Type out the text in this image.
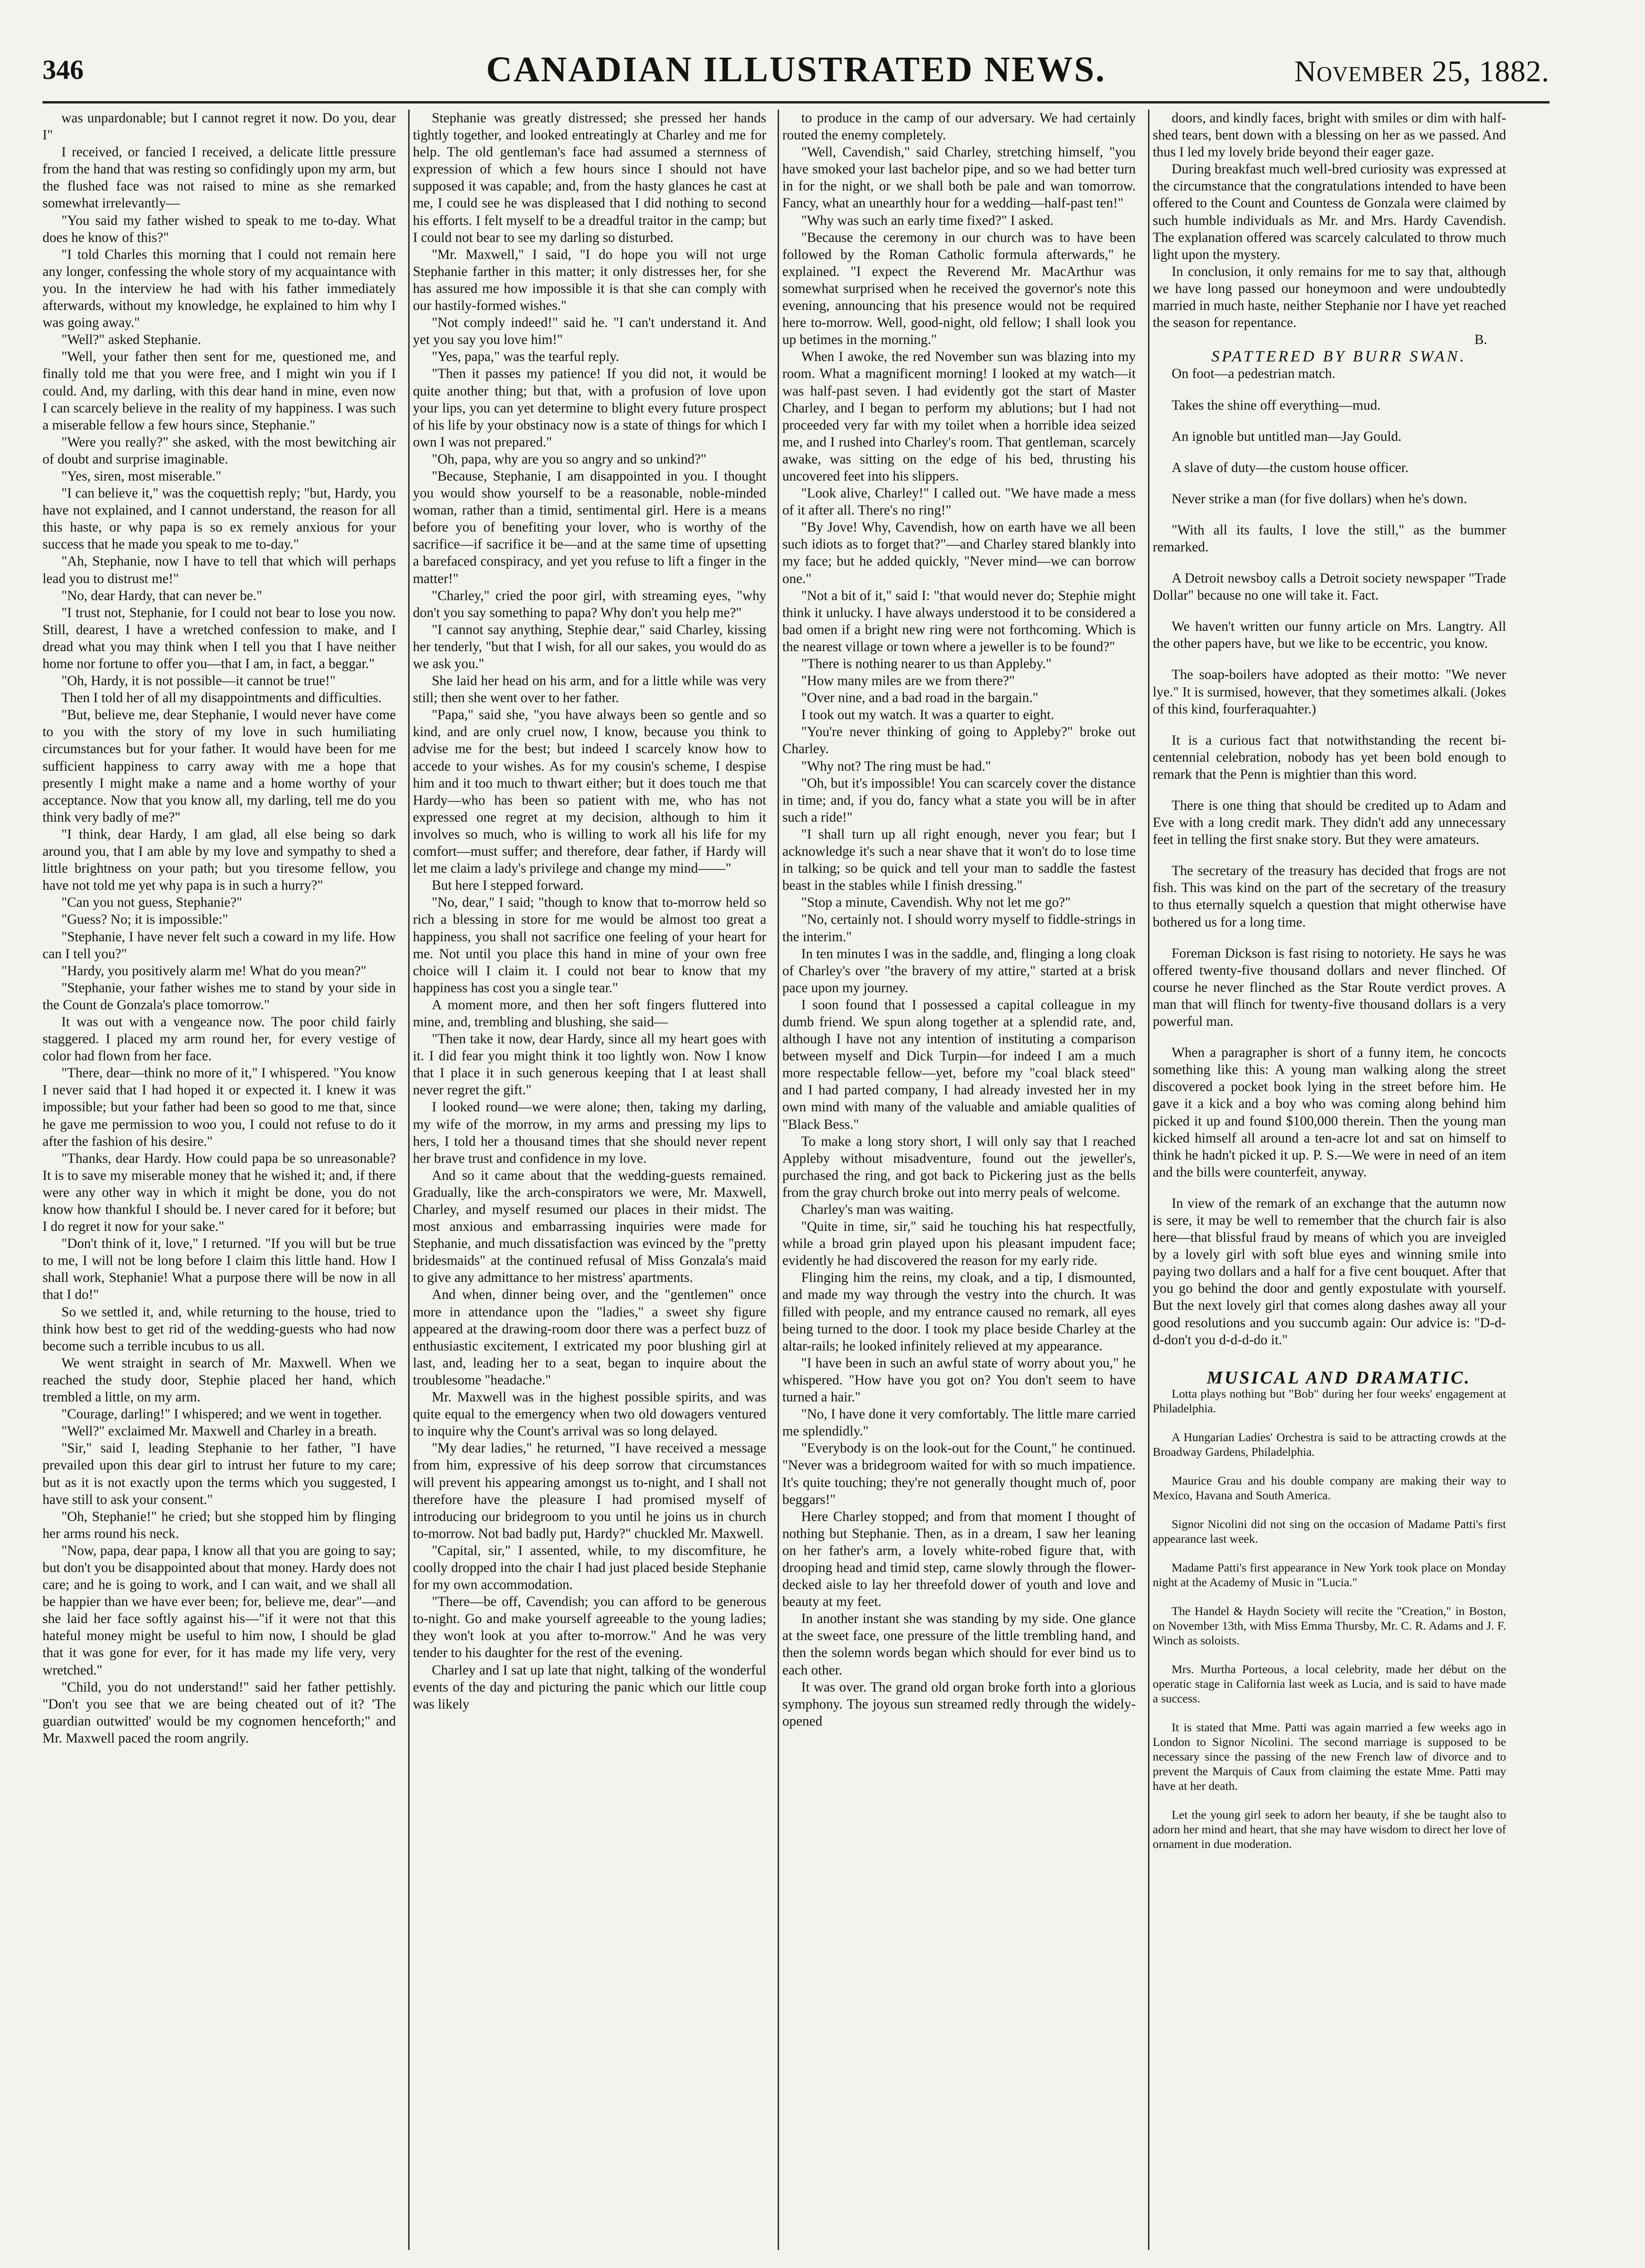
346	CANADIAN ILLUSTRATED NEWS.	November 25, 1882.

was unpardonable; but I cannot regret it now. Do you, dear I"

I received, or fancied I received, a delicate little pressure from the hand that was resting so confidingly upon my arm, but the flushed face was not raised to mine as she remarked somewhat irrelevantly—

"You said my father wished to speak to me to-day. What does he know of this?"

"I told Charles this morning that I could not remain here any longer, confessing the whole story of my acquaintance with you. In the interview he had with his father immediately afterwards, without my knowledge, he explained to him why I was going away."

"Well?" asked Stephanie.

"Well, your father then sent for me, questioned me, and finally told me that you were free, and I might win you if I could. And, my darling, with this dear hand in mine, even now I can scarcely believe in the reality of my happiness. I was such a miserable fellow a few hours since, Stephanie."

"Were you really?" she asked, with the most bewitching air of doubt and surprise imaginable.

"Yes, siren, most miserable."

"I can believe it," was the coquettish reply; "but, Hardy, you have not explained, and I cannot understand, the reason for all this haste, or why papa is so ex remely anxious for your success that he made you speak to me to-day."

"Ah, Stephanie, now I have to tell that which will perhaps lead you to distrust me!"

"No, dear Hardy, that can never be."

"I trust not, Stephanie, for I could not bear to lose you now. Still, dearest, I have a wretched confession to make, and I dread what you may think when I tell you that I have neither home nor fortune to offer you—that I am, in fact, a beggar."

"Oh, Hardy, it is not possible—it cannot be true!"

Then I told her of all my disappointments and difficulties.

"But, believe me, dear Stephanie, I would never have come to you with the story of my love in such humiliating circumstances but for your father. It would have been for me sufficient happiness to carry away with me a hope that presently I might make a name and a home worthy of your acceptance. Now that you know all, my darling, tell me do you think very badly of me?"

"I think, dear Hardy, I am glad, all else being so dark around you, that I am able by my love and sympathy to shed a little brightness on your path; but you tiresome fellow, you have not told me yet why papa is in such a hurry?"

"Can you not guess, Stephanie?"

"Guess? No; it is impossible:"

"Stephanie, I have never felt such a coward in my life. How can I tell you?"

"Hardy, you positively alarm me! What do you mean?"

"Stephanie, your father wishes me to stand by your side in the Count de Gonzala's place tomorrow."

It was out with a vengeance now. The poor child fairly staggered. I placed my arm round her, for every vestige of color had flown from her face.

"There, dear—think no more of it," I whispered. "You know I never said that I had hoped it or expected it. I knew it was impossible; but your father had been so good to me that, since he gave me permission to woo you, I could not refuse to do it after the fashion of his desire."

"Thanks, dear Hardy. How could papa be so unreasonable? It is to save my miserable money that he wished it; and, if there were any other way in which it might be done, you do not know how thankful I should be. I never cared for it before; but I do regret it now for your sake."

"Don't think of it, love," I returned. "If you will but be true to me, I will not be long before I claim this little hand. How I shall work, Stephanie! What a purpose there will be now in all that I do!"

So we settled it, and, while returning to the house, tried to think how best to get rid of the wedding-guests who had now become such a terrible incubus to us all.

We went straight in search of Mr. Maxwell. When we reached the study door, Stephie placed her hand, which trembled a little, on my arm.

"Courage, darling!" I whispered; and we went in together.

"Well?" exclaimed Mr. Maxwell and Charley in a breath.

"Sir," said I, leading Stephanie to her father, "I have prevailed upon this dear girl to intrust her future to my care; but as it is not exactly upon the terms which you suggested, I have still to ask your consent."

"Oh, Stephanie!" he cried; but she stopped him by flinging her arms round his neck.

"Now, papa, dear papa, I know all that you are going to say; but don't you be disappointed about that money. Hardy does not care; and he is going to work, and I can wait, and we shall all be happier than we have ever been; for, believe me, dear"—and she laid her face softly against his—"if it were not that this hateful money might be useful to him now, I should be glad that it was gone for ever, for it has made my life very, very wretched."

"Child, you do not understand!" said her father pettishly. "Don't you see that we are being cheated out of it? 'The guardian outwitted' would be my cognomen henceforth;" and Mr. Maxwell paced the room angrily.

Stephanie was greatly distressed; she pressed her hands tightly together, and looked entreatingly at Charley and me for help. The old gentleman's face had assumed a sternness of expression of which a few hours since I should not have supposed it was capable; and, from the hasty glances he cast at me, I could see he was displeased that I did nothing to second his efforts. I felt myself to be a dreadful traitor in the camp; but I could not bear to see my darling so disturbed.

"Mr. Maxwell," I said, "I do hope you will not urge Stephanie farther in this matter; it only distresses her, for she has assured me how impossible it is that she can comply with our hastily-formed wishes."

"Not comply indeed!" said he. "I can't understand it. And yet you say you love him!"

"Yes, papa," was the tearful reply.

"Then it passes my patience! If you did not, it would be quite another thing; but that, with a profusion of love upon your lips, you can yet determine to blight every future prospect of his life by your obstinacy now is a state of things for which I own I was not prepared."

"Oh, papa, why are you so angry and so unkind?"

"Because, Stephanie, I am disappointed in you. I thought you would show yourself to be a reasonable, noble-minded woman, rather than a timid, sentimental girl. Here is a means before you of benefiting your lover, who is worthy of the sacrifice—if sacrifice it be—and at the same time of upsetting a barefaced conspiracy, and yet you refuse to lift a finger in the matter!"

"Charley," cried the poor girl, with streaming eyes, "why don't you say something to papa? Why don't you help me?"

"I cannot say anything, Stephie dear," said Charley, kissing her tenderly, "but that I wish, for all our sakes, you would do as we ask you."

She laid her head on his arm, and for a little while was very still; then she went over to her father.

"Papa," said she, "you have always been so gentle and so kind, and are only cruel now, I know, because you think to advise me for the best; but indeed I scarcely know how to accede to your wishes. As for my cousin's scheme, I despise him and it too much to thwart either; but it does touch me that Hardy—who has been so patient with me, who has not expressed one regret at my decision, although to him it involves so much, who is willing to work all his life for my comfort—must suffer; and therefore, dear father, if Hardy will let me claim a lady's privilege and change my mind——"

But here I stepped forward.

"No, dear," I said; "though to know that to-morrow held so rich a blessing in store for me would be almost too great a happiness, you shall not sacrifice one feeling of your heart for me. Not until you place this hand in mine of your own free choice will I claim it. I could not bear to know that my happiness has cost you a single tear."

A moment more, and then her soft fingers fluttered into mine, and, trembling and blushing, she said—

"Then take it now, dear Hardy, since all my heart goes with it. I did fear you might think it too lightly won. Now I know that I place it in such generous keeping that I at least shall never regret the gift."

I looked round—we were alone; then, taking my darling, my wife of the morrow, in my arms and pressing my lips to hers, I told her a thousand times that she should never repent her brave trust and confidence in my love.

And so it came about that the wedding-guests remained. Gradually, like the arch-conspirators we were, Mr. Maxwell, Charley, and myself resumed our places in their midst. The most anxious and embarrassing inquiries were made for Stephanie, and much dissatisfaction was evinced by the "pretty bridesmaids" at the continued refusal of Miss Gonzala's maid to give any admittance to her mistress' apartments.

And when, dinner being over, and the "gentlemen" once more in attendance upon the "ladies," a sweet shy figure appeared at the drawing-room door there was a perfect buzz of enthusiastic excitement, I extricated my poor blushing girl at last, and, leading her to a seat, began to inquire about the troublesome "headache."

Mr. Maxwell was in the highest possible spirits, and was quite equal to the emergency when two old dowagers ventured to inquire why the Count's arrival was so long delayed.

"My dear ladies," he returned, "I have received a message from him, expressive of his deep sorrow that circumstances will prevent his appearing amongst us to-night, and I shall not therefore have the pleasure I had promised myself of introducing our bridegroom to you until he joins us in church to-morrow. Not bad badly put, Hardy?" chuckled Mr. Maxwell.

"Capital, sir," I assented, while, to my discomfiture, he coolly dropped into the chair I had just placed beside Stephanie for my own accommodation.

"There—be off, Cavendish; you can afford to be generous to-night. Go and make yourself agreeable to the young ladies; they won't look at you after to-morrow." And he was very tender to his daughter for the rest of the evening.

Charley and I sat up late that night, talking of the wonderful events of the day and picturing the panic which our little coup was likely

to produce in the camp of our adversary. We had certainly routed the enemy completely.

"Well, Cavendish," said Charley, stretching himself, "you have smoked your last bachelor pipe, and so we had better turn in for the night, or we shall both be pale and wan tomorrow. Fancy, what an unearthly hour for a wedding—half-past ten!"

"Why was such an early time fixed?" I asked.

"Because the ceremony in our church was to have been followed by the Roman Catholic formula afterwards," he explained. "I expect the Reverend Mr. MacArthur was somewhat surprised when he received the governor's note this evening, announcing that his presence would not be required here to-morrow. Well, good-night, old fellow; I shall look you up betimes in the morning."

When I awoke, the red November sun was blazing into my room. What a magnificent morning! I looked at my watch—it was half-past seven. I had evidently got the start of Master Charley, and I began to perform my ablutions; but I had not proceeded very far with my toilet when a horrible idea seized me, and I rushed into Charley's room. That gentleman, scarcely awake, was sitting on the edge of his bed, thrusting his uncovered feet into his slippers.

"Look alive, Charley!" I called out. "We have made a mess of it after all. There's no ring!"

"By Jove! Why, Cavendish, how on earth have we all been such idiots as to forget that?"—and Charley stared blankly into my face; but he added quickly, "Never mind—we can borrow one."

"Not a bit of it," said I: "that would never do; Stephie might think it unlucky. I have always understood it to be considered a bad omen if a bright new ring were not forthcoming. Which is the nearest village or town where a jeweller is to be found?"

"There is nothing nearer to us than Appleby."

"How many miles are we from there?"

"Over nine, and a bad road in the bargain."

I took out my watch. It was a quarter to eight.

"You're never thinking of going to Appleby?" broke out Charley.

"Why not? The ring must be had."

"Oh, but it's impossible! You can scarcely cover the distance in time; and, if you do, fancy what a state you will be in after such a ride!"

"I shall turn up all right enough, never you fear; but I acknowledge it's such a near shave that it won't do to lose time in talking; so be quick and tell your man to saddle the fastest beast in the stables while I finish dressing."

"Stop a minute, Cavendish. Why not let me go?"

"No, certainly not. I should worry myself to fiddle-strings in the interim."

In ten minutes I was in the saddle, and, flinging a long cloak of Charley's over "the bravery of my attire," started at a brisk pace upon my journey.

I soon found that I possessed a capital colleague in my dumb friend. We spun along together at a splendid rate, and, although I have not any intention of instituting a comparison between myself and Dick Turpin—for indeed I am a much more respectable fellow—yet, before my "coal black steed" and I had parted company, I had already invested her in my own mind with many of the valuable and amiable qualities of "Black Bess."

To make a long story short, I will only say that I reached Appleby without misadventure, found out the jeweller's, purchased the ring, and got back to Pickering just as the bells from the gray church broke out into merry peals of welcome.

Charley's man was waiting.

"Quite in time, sir," said he touching his hat respectfully, while a broad grin played upon his pleasant impudent face; evidently he had discovered the reason for my early ride.

Flinging him the reins, my cloak, and a tip, I dismounted, and made my way through the vestry into the church. It was filled with people, and my entrance caused no remark, all eyes being turned to the door. I took my place beside Charley at the altar-rails; he looked infinitely relieved at my appearance.

"I have been in such an awful state of worry about you," he whispered. "How have you got on? You don't seem to have turned a hair."

"No, I have done it very comfortably. The little mare carried me splendidly."

"Everybody is on the look-out for the Count," he continued. "Never was a bridegroom waited for with so much impatience. It's quite touching; they're not generally thought much of, poor beggars!"

Here Charley stopped; and from that moment I thought of nothing but Stephanie. Then, as in a dream, I saw her leaning on her father's arm, a lovely white-robed figure that, with drooping head and timid step, came slowly through the flower-decked aisle to lay her threefold dower of youth and love and beauty at my feet.

In another instant she was standing by my side. One glance at the sweet face, one pressure of the little trembling hand, and then the solemn words began which should for ever bind us to each other.

It was over. The grand old organ broke forth into a glorious symphony. The joyous sun streamed redly through the widely-opened

doors, and kindly faces, bright with smiles or dim with half-shed tears, bent down with a blessing on her as we passed. And thus I led my lovely bride beyond their eager gaze.

During breakfast much well-bred curiosity was expressed at the circumstance that the congratulations intended to have been offered to the Count and Countess de Gonzala were claimed by such humble individuals as Mr. and Mrs. Hardy Cavendish. The explanation offered was scarcely calculated to throw much light upon the mystery.

In conclusion, it only remains for me to say that, although we have long passed our honeymoon and were undoubtedly married in much haste, neither Stephanie nor I have yet reached the season for repentance.

B.

SPATTERED BY BURR SWAN.

On foot—a pedestrian match.

Takes the shine off everything—mud.

An ignoble but untitled man—Jay Gould.

A slave of duty—the custom house officer.

Never strike a man (for five dollars) when he's down.

"With all its faults, I love the still," as the bummer remarked.

A Detroit newsboy calls a Detroit society newspaper "Trade Dollar" because no one will take it. Fact.

We haven't written our funny article on Mrs. Langtry. All the other papers have, but we like to be eccentric, you know.

The soap-boilers have adopted as their motto: "We never lye." It is surmised, however, that they sometimes alkali. (Jokes of this kind, fourferaquahter.)

It is a curious fact that notwithstanding the recent bi-centennial celebration, nobody has yet been bold enough to remark that the Penn is mightier than this word.

There is one thing that should be credited up to Adam and Eve with a long credit mark. They didn't add any unnecessary feet in telling the first snake story. But they were amateurs.

The secretary of the treasury has decided that frogs are not fish. This was kind on the part of the secretary of the treasury to thus eternally squelch a question that might otherwise have bothered us for a long time.

Foreman Dickson is fast rising to notoriety. He says he was offered twenty-five thousand dollars and never flinched. Of course he never flinched as the Star Route verdict proves. A man that will flinch for twenty-five thousand dollars is a very powerful man.

When a paragrapher is short of a funny item, he concocts something like this: A young man walking along the street discovered a pocket book lying in the street before him. He gave it a kick and a boy who was coming along behind him picked it up and found $100,000 therein. Then the young man kicked himself all around a ten-acre lot and sat on himself to think he hadn't picked it up. P. S.—We were in need of an item and the bills were counterfeit, anyway.

In view of the remark of an exchange that the autumn now is sere, it may be well to remember that the church fair is also here—that blissful fraud by means of which you are inveigled by a lovely girl with soft blue eyes and winning smile into paying two dollars and a half for a five cent bouquet. After that you go behind the door and gently expostulate with yourself. But the next lovely girl that comes along dashes away all your good resolutions and you succumb again: Our advice is: "D-d-d-don't you d-d-d-do it."

MUSICAL AND DRAMATIC.

Lotta plays nothing but "Bob" during her four weeks' engagement at Philadelphia.

A Hungarian Ladies' Orchestra is said to be attracting crowds at the Broadway Gardens, Philadelphia.

Maurice Grau and his double company are making their way to Mexico, Havana and South America.

Signor Nicolini did not sing on the occasion of Madame Patti's first appearance last week.

Madame Patti's first appearance in New York took place on Monday night at the Academy of Music in "Lucia."

The Handel & Haydn Society will recite the "Creation," in Boston, on November 13th, with Miss Emma Thursby, Mr. C. R. Adams and J. F. Winch as soloists.

Mrs. Murtha Porteous, a local celebrity, made her début on the operatic stage in California last week as Lucia, and is said to have made a success.

It is stated that Mme. Patti was again married a few weeks ago in London to Signor Nicolini. The second marriage is supposed to be necessary since the passing of the new French law of divorce and to prevent the Marquis of Caux from claiming the estate Mme. Patti may have at her death.

Let the young girl seek to adorn her beauty, if she be taught also to adorn her mind and heart, that she may have wisdom to direct her love of ornament in due moderation.
